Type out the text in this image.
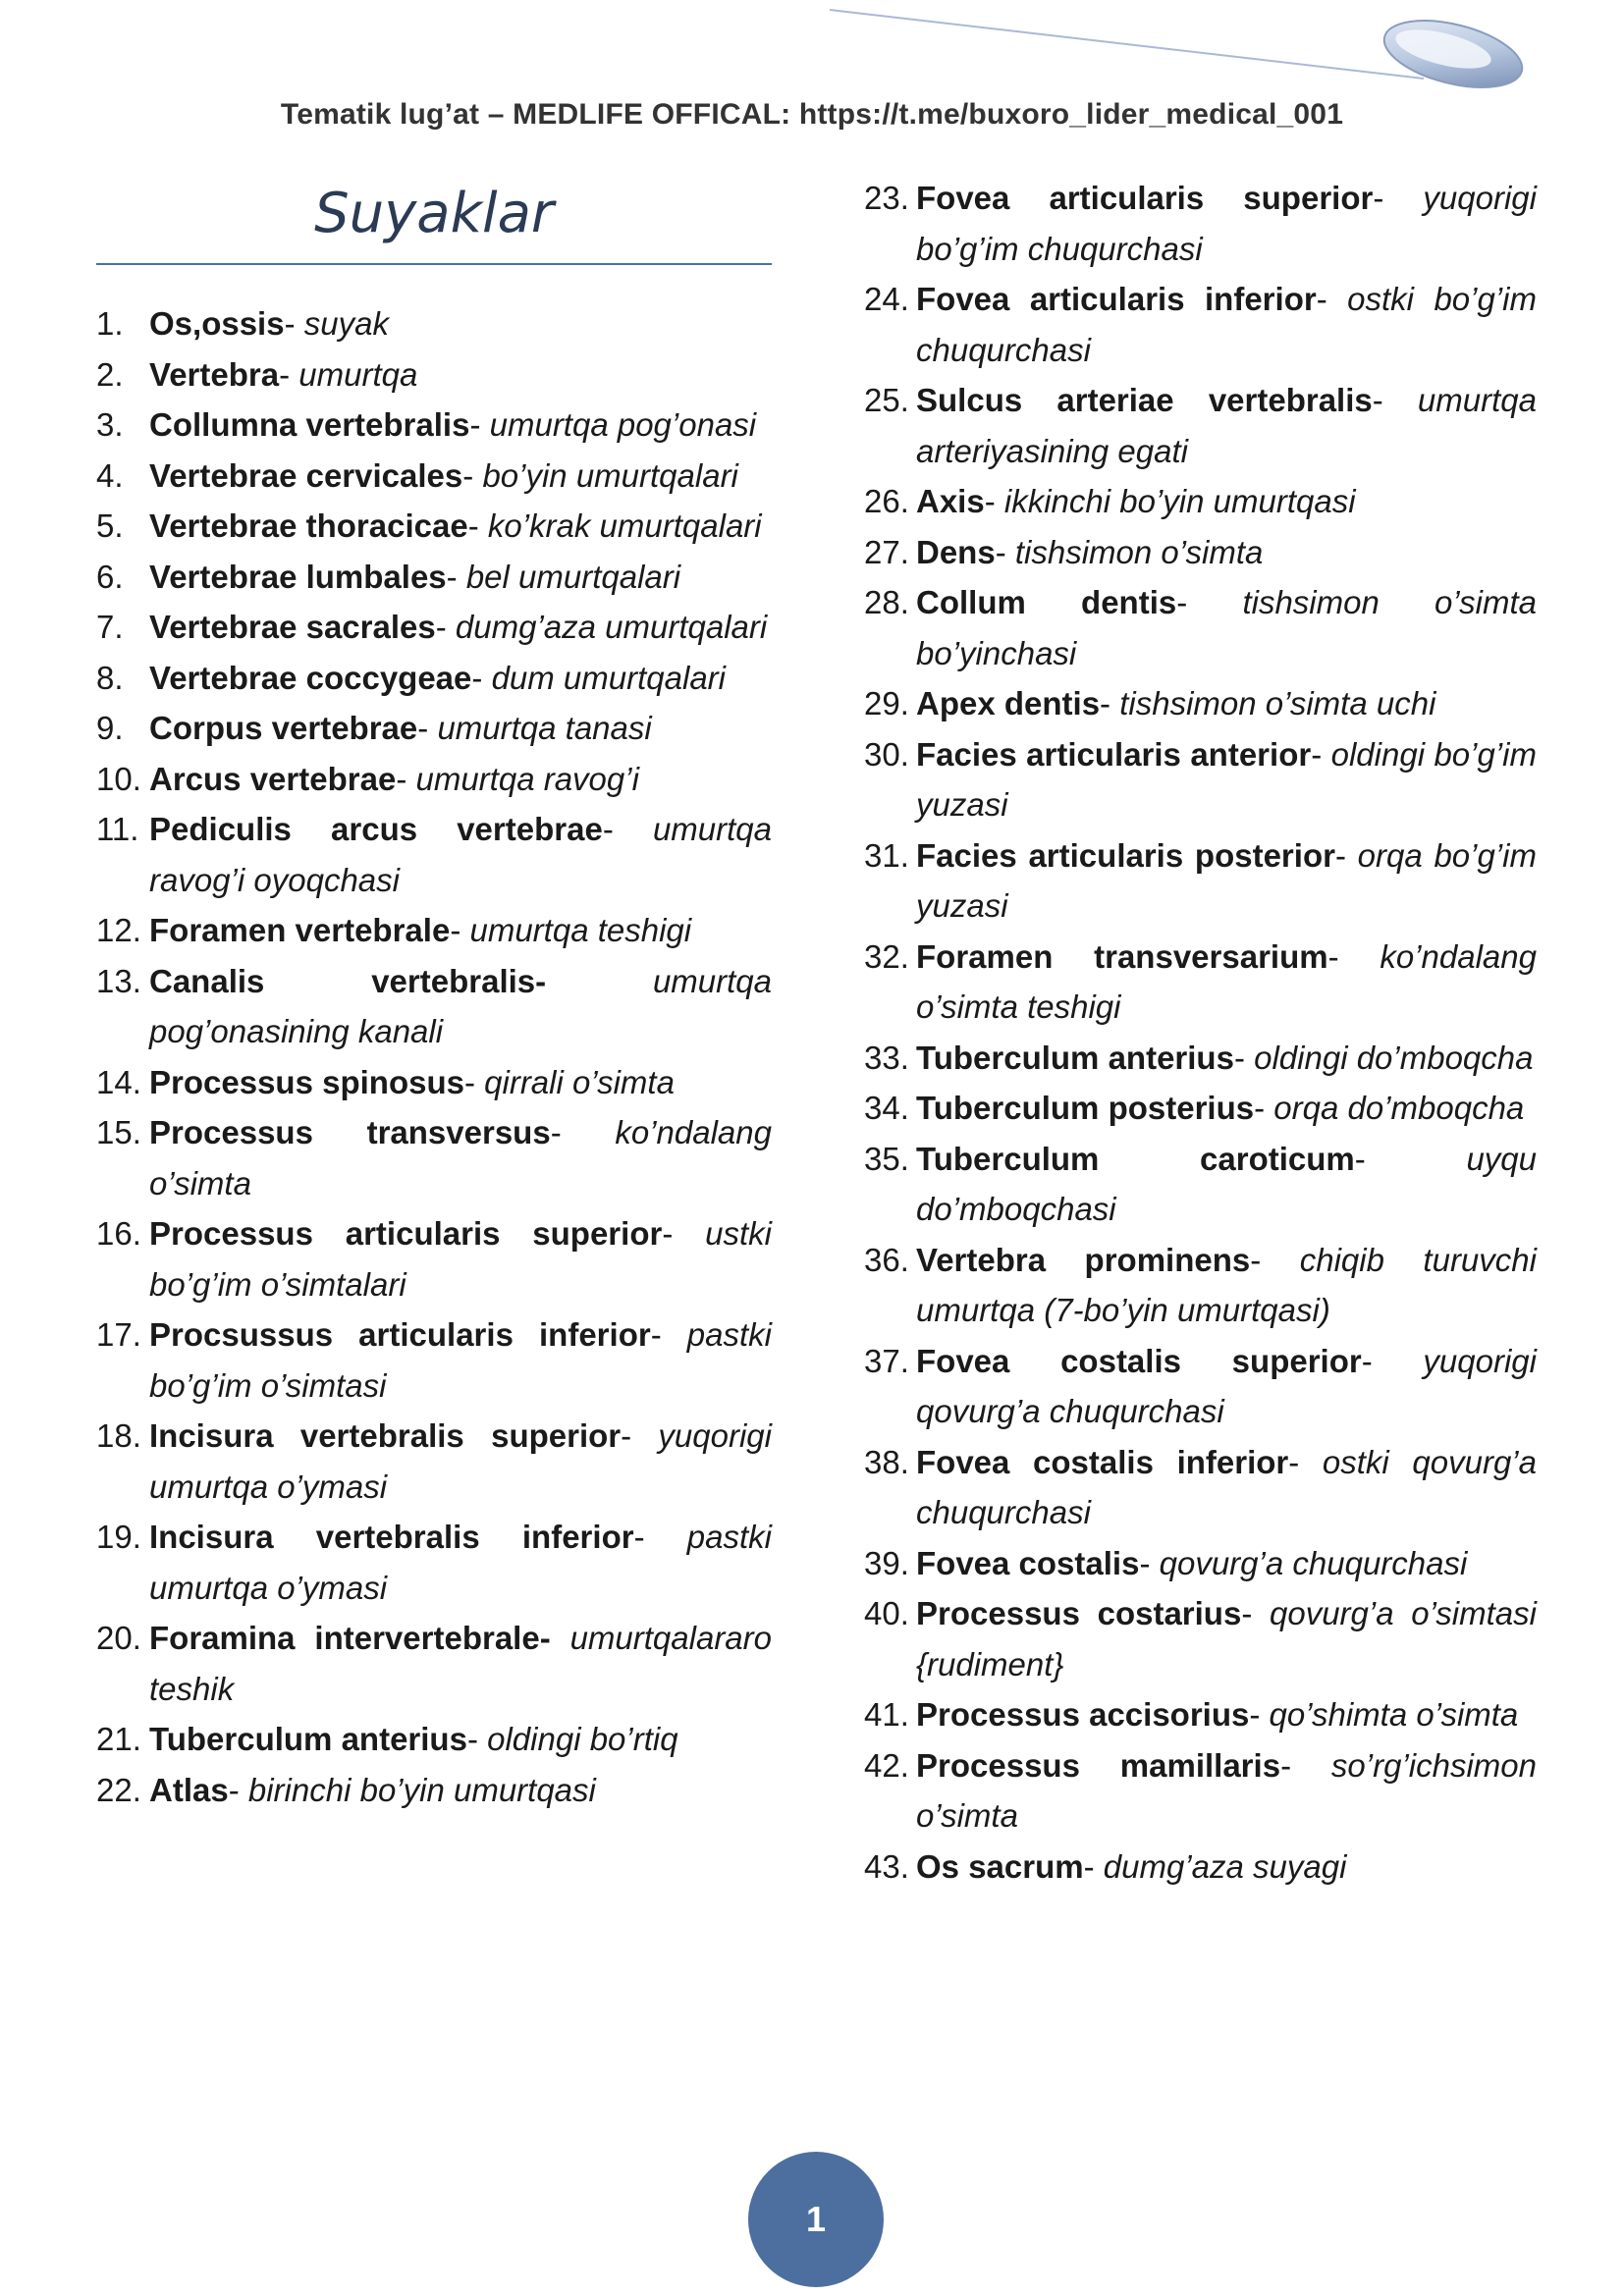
Tematik lug’at – MEDLIFE OFFICAL: https://t.me/buxoro_lider_medical_001
Suyaklar
1. Os,ossis- suyak
2. Vertebra- umurtqa
3. Collumna vertebralis- umurtqa pog’onasi
4. Vertebrae cervicales- bo’yin umurtqalari
5. Vertebrae thoracicae- ko’krak umurtqalari
6. Vertebrae lumbales- bel umurtqalari
7. Vertebrae sacrales- dumg’aza umurtqalari
8. Vertebrae coccygeae- dum umurtqalari
9. Corpus vertebrae- umurtqa tanasi
10. Arcus vertebrae- umurtqa ravog’i
11. Pediculis arcus vertebrae- umurtqa ravog’i oyoqchasi
12. Foramen vertebrale- umurtqa teshigi
13. Canalis vertebralis-	umurtqa pog’onasining kanali
14. Processus spinosus- qirrali o’simta
15. Processus transversus- ko’ndalang o’simta
16. Processus articularis superior- ustki bo’g’im o’simtalari
17. Procsussus articularis inferior- pastki bo’g’im o’simtasi
18. Incisura vertebralis superior- yuqorigi umurtqa o’ymasi
19. Incisura vertebralis inferior- pastki umurtqa o’ymasi
20. Foramina intervertebrale- umurtqalararo teshik
21. Tuberculum anterius- oldingi bo’rtiq
22. Atlas- birinchi bo’yin umurtqasi
23. Fovea articularis superior- yuqorigi bo’g’im chuqurchasi
24. Fovea articularis inferior- ostki bo’g’im chuqurchasi
25. Sulcus arteriae vertebralis- umurtqa arteriyasining egati
26. Axis- ikkinchi bo’yin umurtqasi
27. Dens- tishsimon o’simta
28. Collum dentis- tishsimon o’simta bo’yinchasi
29. Apex dentis- tishsimon o’simta uchi
30. Facies articularis anterior- oldingi bo’g’im yuzasi
31. Facies articularis posterior- orqa bo’g’im yuzasi
32. Foramen transversarium- ko’ndalang o’simta teshigi
33. Tuberculum anterius- oldingi do’mboqcha
34. Tuberculum posterius- orqa do’mboqcha
35. Tuberculum caroticum- uyqu do’mboqchasi
36. Vertebra prominens- chiqib turuvchi umurtqa (7-bo’yin umurtqasi)
37. Fovea costalis superior- yuqorigi qovurg’a chuqurchasi
38. Fovea costalis inferior- ostki qovurg’a chuqurchasi
39. Fovea costalis- qovurg’a chuqurchasi
40. Processus costarius- qovurg’a o’simtasi {rudiment}
41. Processus accisorius- qo’shimta o’simta
42. Processus mamillaris- so’rg’ichsimon o’simta
43. Os sacrum- dumg’aza suyagi
1
